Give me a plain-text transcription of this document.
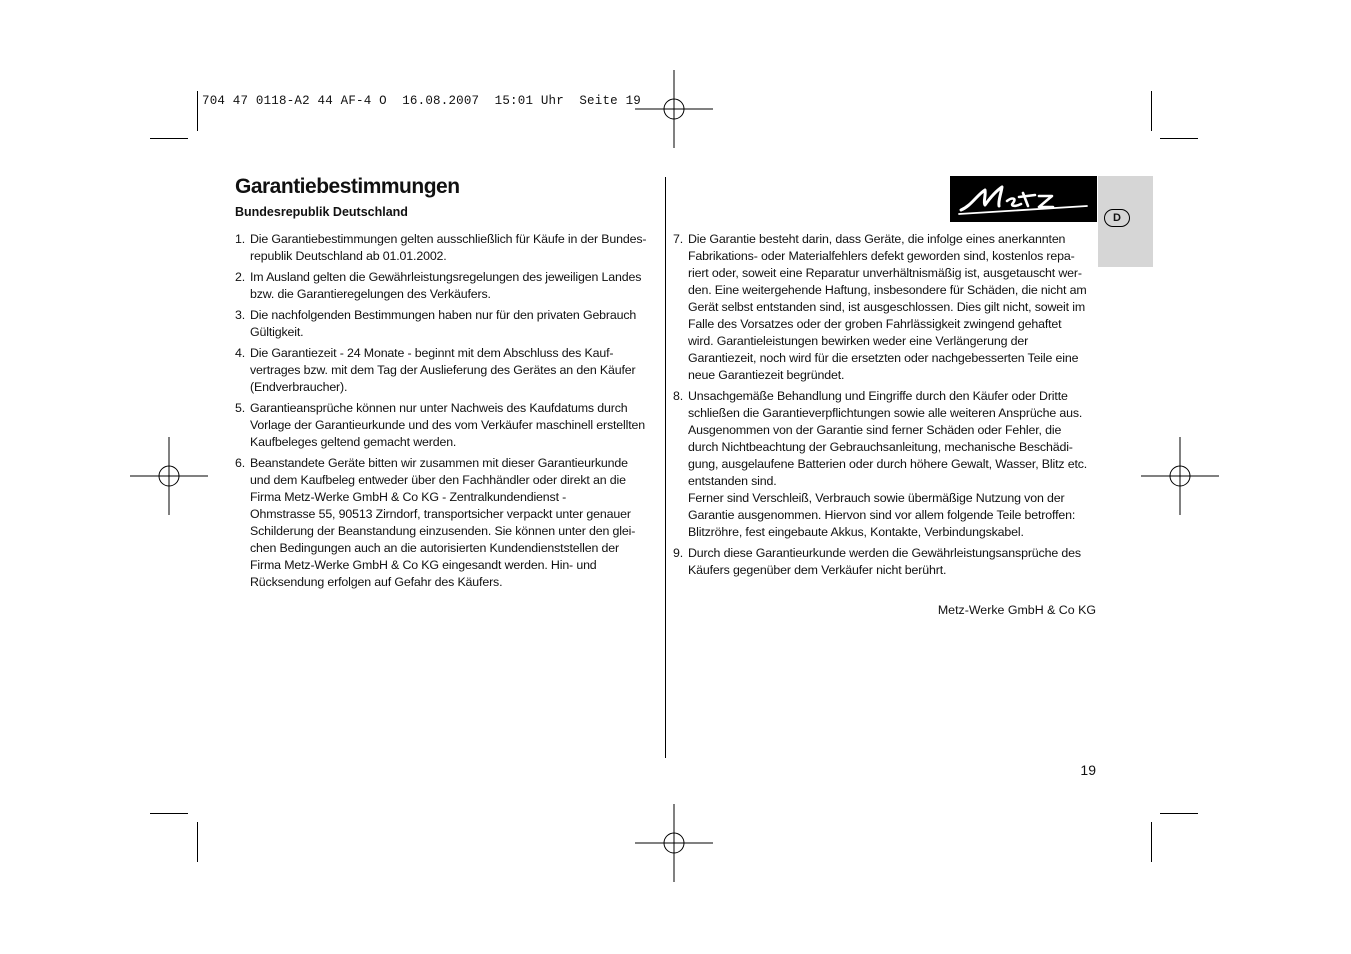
704 47 0118-A2 44 AF-4 O  16.08.2007  15:01 Uhr  Seite 19
Garantiebestimmungen
Bundesrepublik Deutschland
1. Die Garantiebestimmungen gelten ausschließlich für Käufe in der Bundes-
republik Deutschland ab 01.01.2002.
2. Im Ausland gelten die Gewährleistungsregelungen des jeweiligen Landes
bzw. die Garantieregelungen des Verkäufers.
3. Die nachfolgenden Bestimmungen haben nur für den privaten Gebrauch
Gültigkeit.
4. Die Garantiezeit - 24 Monate - beginnt mit dem Abschluss des Kauf-
vertrages bzw. mit dem Tag der Auslieferung des Gerätes an den Käufer
(Endverbraucher).
5. Garantieansprüche können nur unter Nachweis des Kaufdatums durch
Vorlage der Garantieurkunde und des vom Verkäufer maschinell erstellten
Kaufbeleges geltend gemacht werden.
6. Beanstandete Geräte bitten wir zusammen mit dieser Garantieurkunde
und dem Kaufbeleg entweder über den Fachhändler oder direkt an die
Firma Metz-Werke GmbH & Co KG - Zentralkundendienst -
Ohmstrasse 55, 90513 Zirndorf, transportsicher verpackt unter genauer
Schilderung der Beanstandung einzusenden. Sie können unter den glei-
chen Bedingungen auch an die autorisierten Kundendienststellen der
Firma Metz-Werke GmbH & Co KG eingesandt werden. Hin- und
Rücksendung erfolgen auf Gefahr des Käufers.
7. Die Garantie besteht darin, dass Geräte, die infolge eines anerkannten
Fabrikations- oder Materialfehlers defekt geworden sind, kostenlos repa-
riert oder, soweit eine Reparatur unverhältnismäßig ist, ausgetauscht wer-
den. Eine weitergehende Haftung, insbesondere für Schäden, die nicht am
Gerät selbst entstanden sind, ist ausgeschlossen. Dies gilt nicht, soweit im
Falle des Vorsatzes oder der groben Fahrlässigkeit zwingend gehaftet
wird. Garantieleistungen bewirken weder eine Verlängerung der
Garantiezeit, noch wird für die ersetzten oder nachgebesserten Teile eine
neue Garantiezeit begründet.
8. Unsachgemäße Behandlung und Eingriffe durch den Käufer oder Dritte
schließen die Garantieverpflichtungen sowie alle weiteren Ansprüche aus.
Ausgenommen von der Garantie sind ferner Schäden oder Fehler, die
durch Nichtbeachtung der Gebrauchsanleitung, mechanische Beschädi-
gung, ausgelaufene Batterien oder durch höhere Gewalt, Wasser, Blitz etc.
entstanden sind.
Ferner sind Verschleiß, Verbrauch sowie übermäßige Nutzung von der
Garantie ausgenommen. Hiervon sind vor allem folgende Teile betroffen:
Blitzröhre, fest eingebaute Akkus, Kontakte, Verbindungskabel.
9. Durch diese Garantieurkunde werden die Gewährleistungsansprüche des
Käufers gegenüber dem Verkäufer nicht berührt.
D
Metz-Werke GmbH & Co KG
19
